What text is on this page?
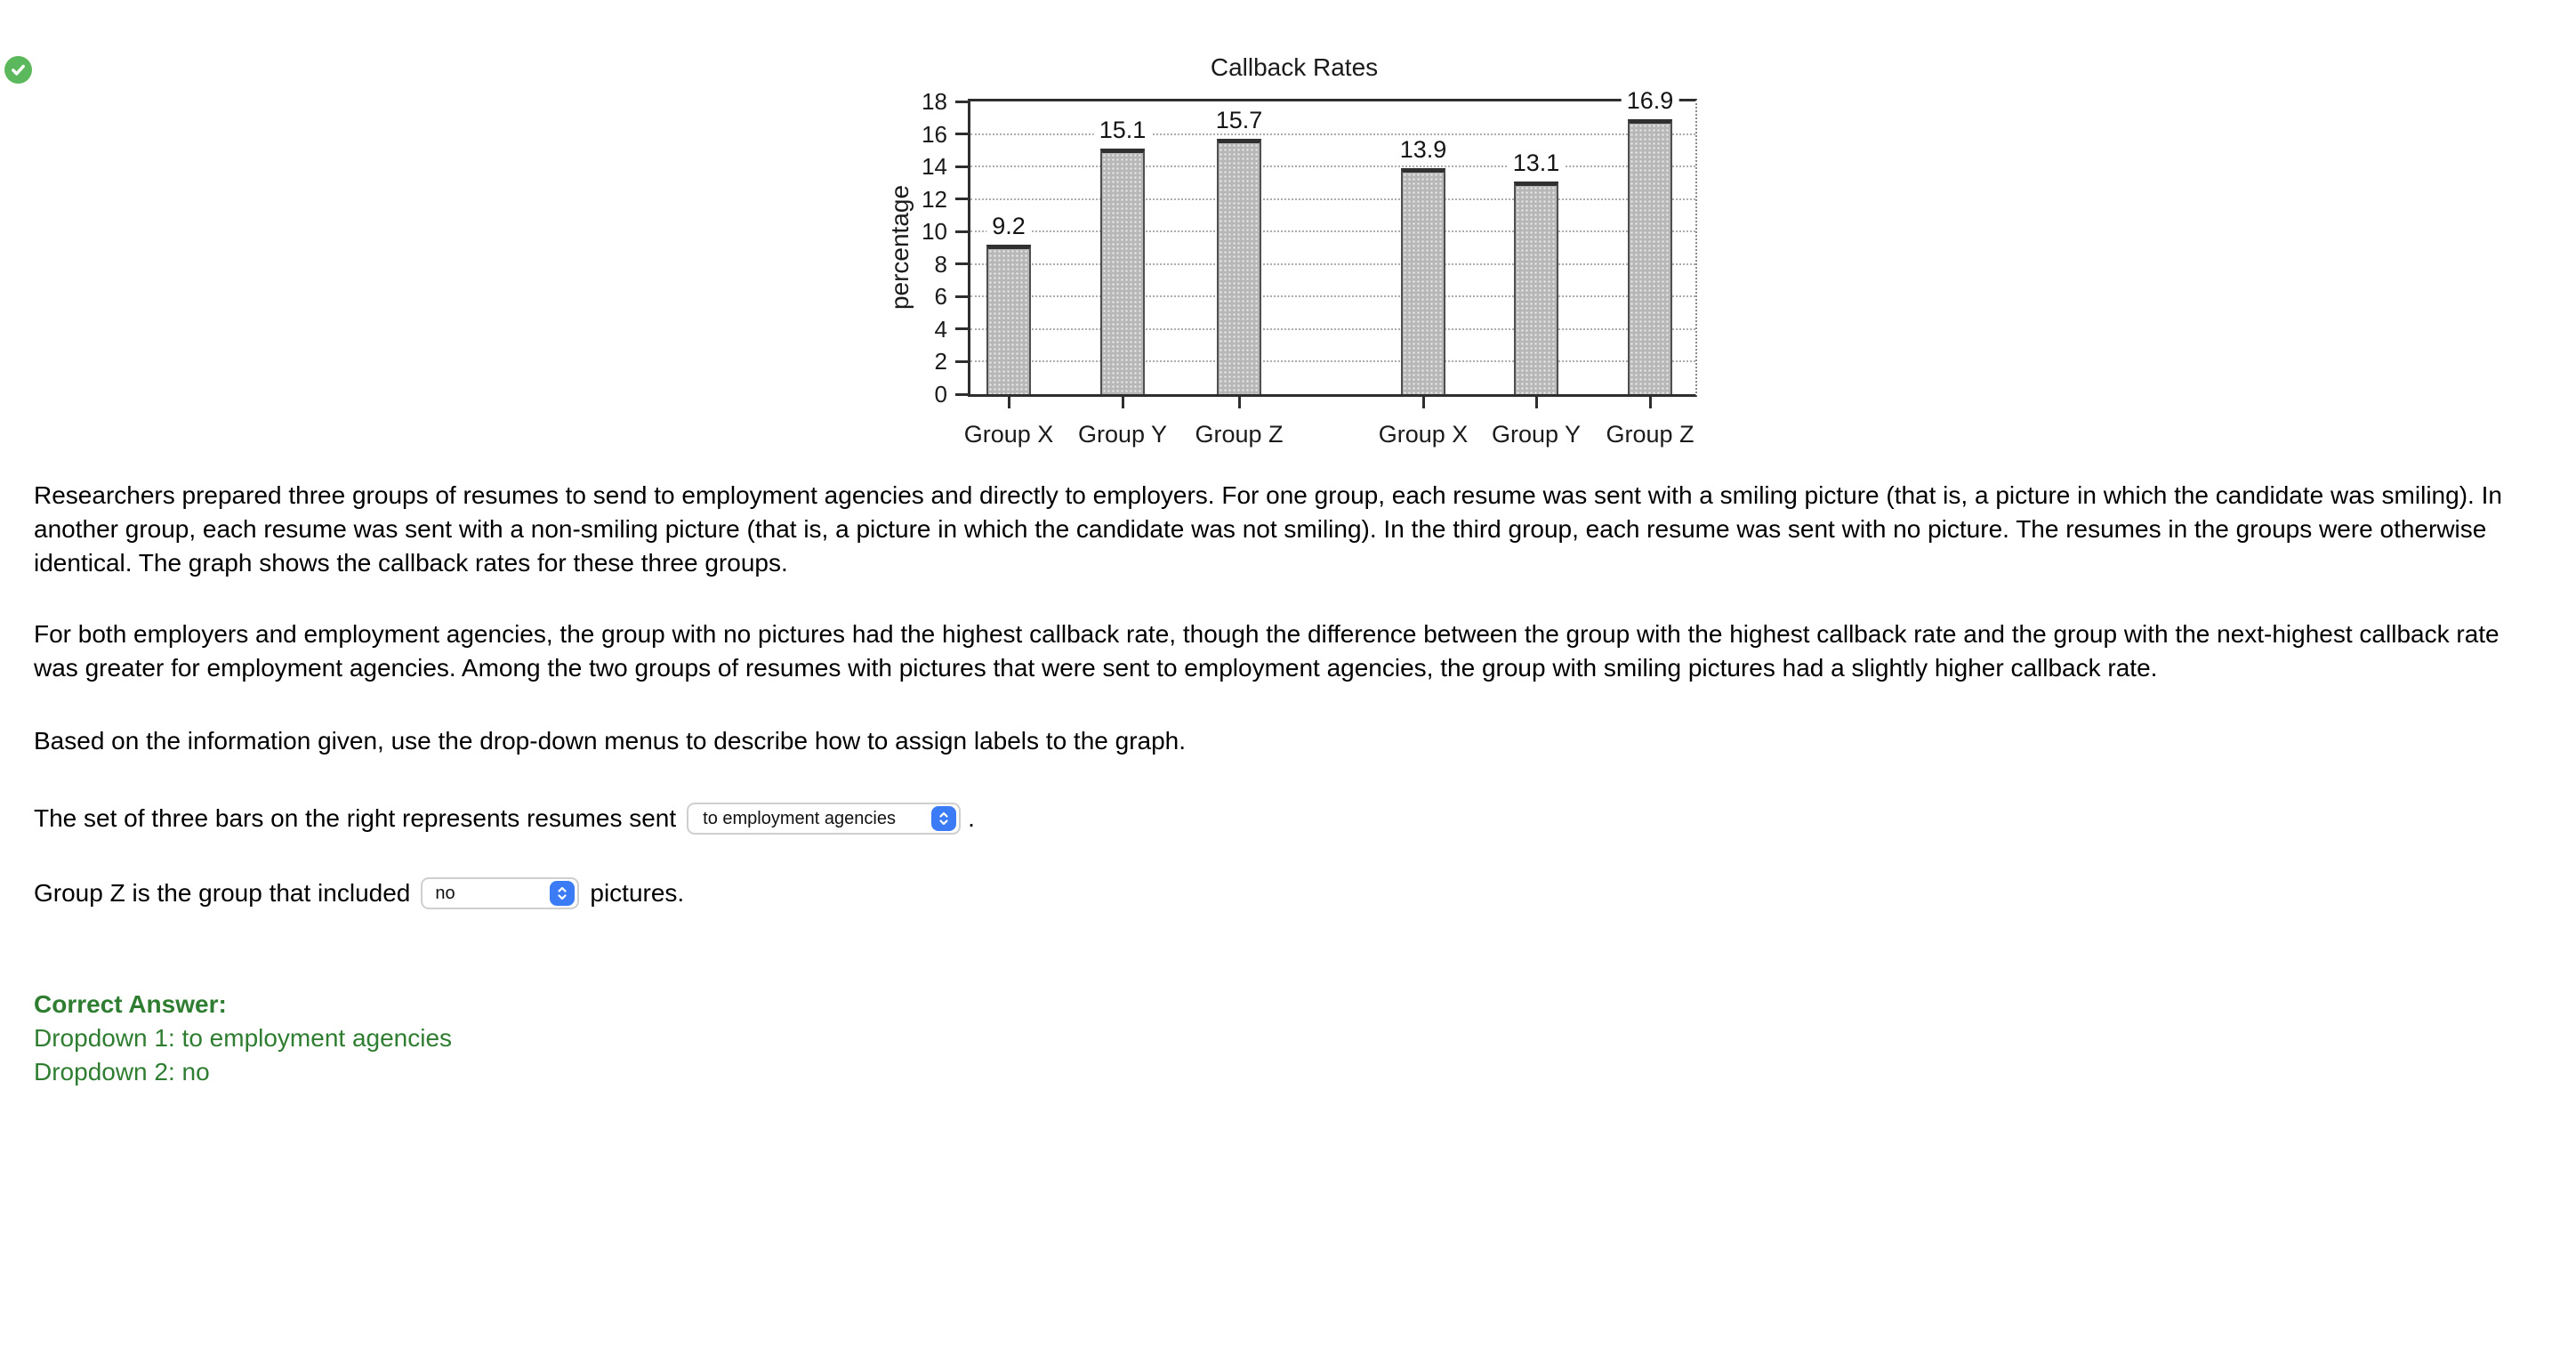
Callback Rates
percentage	9.2
15.1	15.7
13.9	13.1
16.9
0
2
4
6
8
10
12
14
16
18
Group X	Group Y	Group Z	Group X Group Y	Group Z

Researchers prepared three groups of resumes to send to employment agencies and directly to employers. For one group, each resume was sent with a smiling picture (that is, a picture in which the candidate was smiling). In another group, each resume was sent with a non-smiling picture (that is, a picture in which the candidate was not smiling). In the third group, each resume was sent with no picture. The resumes in the groups were otherwise identical. The graph shows the callback rates for these three groups.

For both employers and employment agencies, the group with no pictures had the highest callback rate, though the difference between the group with the highest callback rate and the group with the next-highest callback rate was greater for employment agencies. Among the two groups of resumes with pictures that were sent to employment agencies, the group with smiling pictures had a slightly higher callback rate.

Based on the information given, use the drop-down menus to describe how to assign labels to the graph.

The set of three bars on the right represents resumes sent to employment agencies	.
Group Z is the group that included no	pictures.

Correct Answer:

Dropdown 1: to employment agencies

Dropdown 2: no
